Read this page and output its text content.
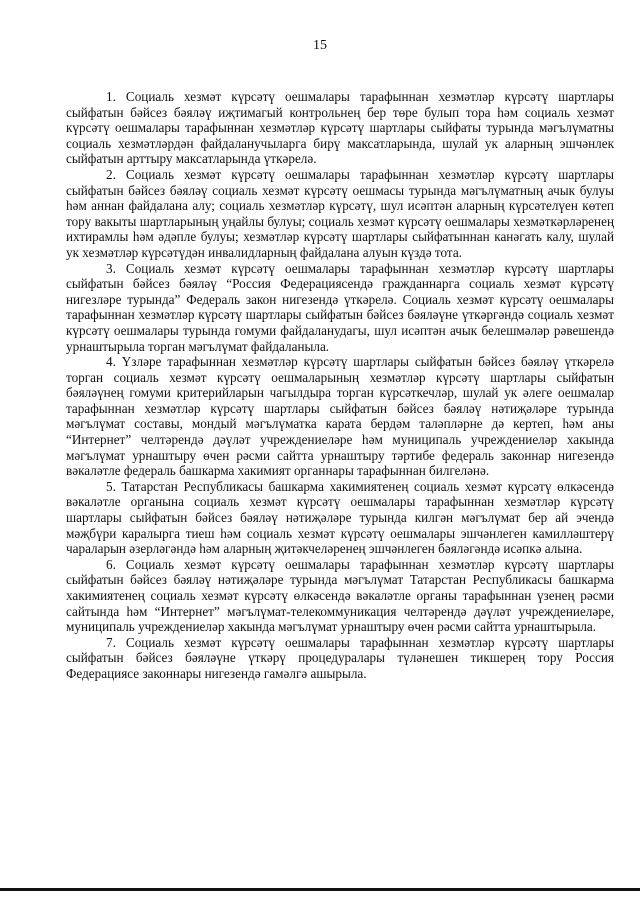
15

1. Социаль хезмәт күрсәтү оешмалары тарафыннан хезмәтләр күрсәтү шартлары сыйфатын бәйсез бәяләү иҗтимагый контрольнең бер төре булып тора һәм социаль хезмәт күрсәтү оешмалары тарафыннан хезмәтләр күрсәтү шартлары сыйфаты турында мәгълүматны социаль хезмәтләрдән файдаланучыларга бирү максатларында, шулай ук аларның эшчәнлек сыйфатын арттыру максатларында үткәрелә.

2. Социаль хезмәт күрсәтү оешмалары тарафыннан хезмәтләр күрсәтү шартлары сыйфатын бәйсез бәяләү социаль хезмәт күрсәтү оешмасы турында мәгълүматның ачык булуы һәм аннан файдалана алу; социаль хезмәтләр күрсәтү, шул исәптән аларның күрсәтелүен көтеп тору вакыты шартларының уңайлы булуы; социаль хезмәт күрсәтү оешмалары хезмәткәрләренең ихтирамлы һәм әдәпле булуы; хезмәтләр күрсәтү шартлары сыйфатыннан канәгать калу, шулай ук хезмәтләр күрсәтүдән инвалидларның файдалана алуын күздә тота.

3. Социаль хезмәт күрсәтү оешмалары тарафыннан хезмәтләр күрсәтү шартлары сыйфатын бәйсез бәяләү “Россия Федерациясендә гражданнарга социаль хезмәт күрсәтү нигезләре турында” Федераль закон нигезендә үткәрелә. Социаль хезмәт күрсәтү оешмалары тарафыннан хезмәтләр күрсәтү шартлары сыйфатын бәйсез бәяләүне үткәргәндә социаль хезмәт күрсәтү оешмалары турында гомуми файдаланудагы, шул исәптән ачык белешмәләр рәвешендә урнаштырыла торган мәгълүмат файдаланыла.

4. Үзләре тарафыннан хезмәтләр күрсәтү шартлары сыйфатын бәйсез бәяләү үткәрелә торган социаль хезмәт күрсәтү оешмаларының хезмәтләр күрсәтү шартлары сыйфатын бәяләүнең гомуми критерийларын чагылдыра торган күрсәткечләр, шулай ук әлеге оешмалар тарафыннан хезмәтләр күрсәтү шартлары сыйфатын бәйсез бәяләү нәтиҗәләре турында мәгълүмат составы, мондый мәгълүматка карата бердәм таләпләрне дә кертеп, һәм аны “Интернет” челтәрендә дәүләт учреждениеләре һәм муниципаль учреждениеләр хакында мәгълүмат урнаштыру өчен рәсми сайтта урнаштыру тәртибе федераль законнар нигезендә вәкаләтле федераль башкарма хакимият органнары тарафыннан билгеләнә.

5. Татарстан Республикасы башкарма хакимиятенең социаль хезмәт күрсәтү өлкәсендә вәкаләтле органына социаль хезмәт күрсәтү оешмалары тарафыннан хезмәтләр күрсәтү шартлары сыйфатын бәйсез бәяләү нәтиҗәләре турында килгән мәгълүмат бер ай эчендә мәҗбүри каралырга тиеш һәм социаль хезмәт күрсәтү оешмалары эшчәнлеген камилләштерү чараларын әзерләгәндә һәм аларның җитәкчеләренең эшчәнлеген бәяләгәндә исәпкә алына.

6. Социаль хезмәт күрсәтү оешмалары тарафыннан хезмәтләр күрсәтү шартлары сыйфатын бәйсез бәяләү нәтиҗәләре турында мәгълүмат Татарстан Республикасы башкарма хакимиятенең социаль хезмәт күрсәтү өлкәсендә вәкаләтле органы тарафыннан үзенең рәсми сайтында һәм “Интернет” мәгълүмат-телекоммуникация челтәрендә дәүләт учреждениеләре, муниципаль учреждениеләр хакында мәгълүмат урнаштыру өчен рәсми сайтта урнаштырыла.

7. Социаль хезмәт күрсәтү оешмалары тарафыннан хезмәтләр күрсәтү шартлары сыйфатын бәйсез бәяләүне үткәрү процедуралары түләнешен тикшерең тору Россия Федерациясе законнары нигезендә гамәлгә ашырыла.
